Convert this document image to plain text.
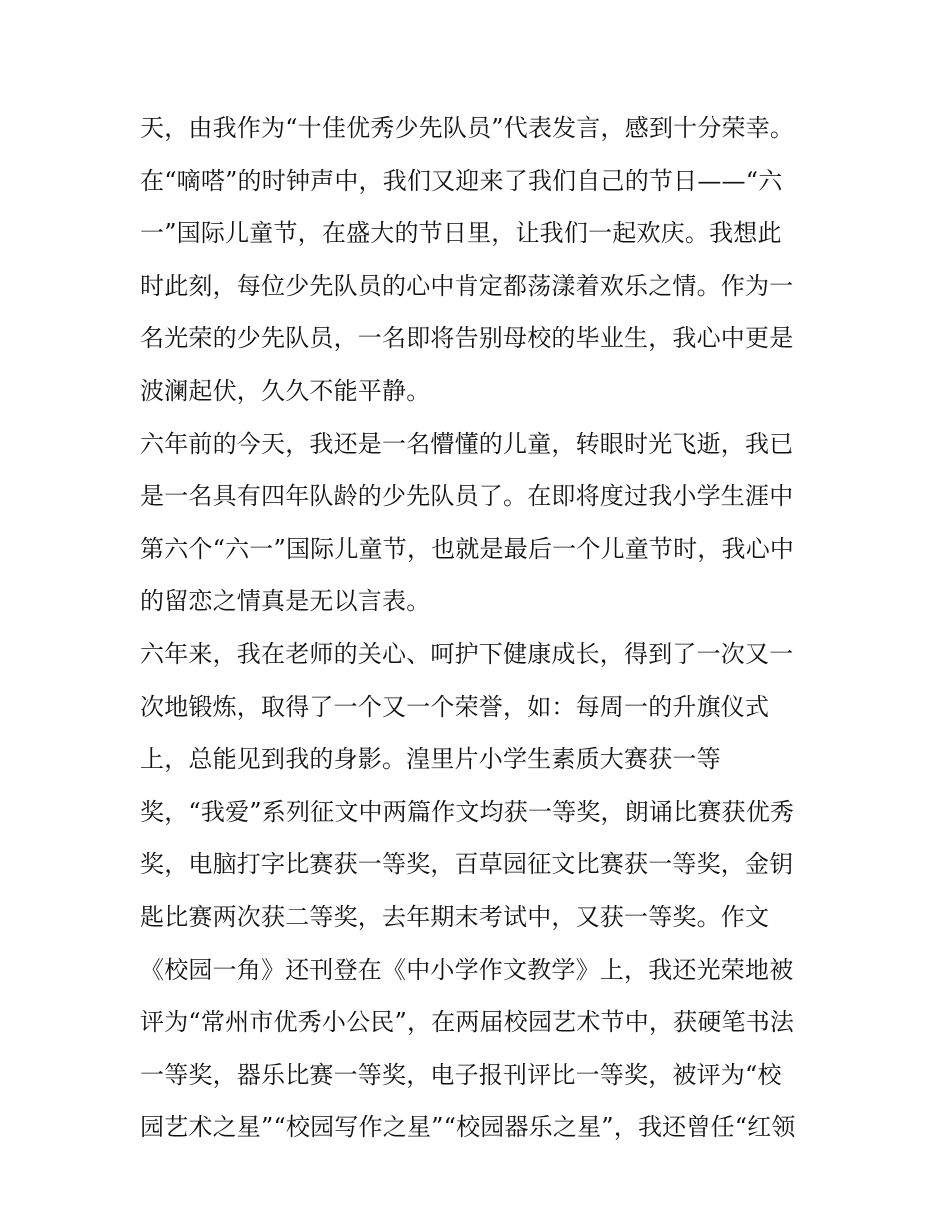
天，由我作为“十佳优秀少先队员”代表发言，感到十分荣幸。
在“嘀嗒”的时钟声中，我们又迎来了我们自己的节日——“六
一”国际儿童节，在盛大的节日里，让我们一起欢庆。我想此
时此刻，每位少先队员的心中肯定都荡漾着欢乐之情。作为一
名光荣的少先队员，一名即将告别母校的毕业生，我心中更是
波澜起伏，久久不能平静。
六年前的今天，我还是一名懵懂的儿童，转眼时光飞逝，我已
是一名具有四年队龄的少先队员了。在即将度过我小学生涯中
第六个“六一”国际儿童节，也就是最后一个儿童节时，我心中
的留恋之情真是无以言表。
六年来，我在老师的关心、呵护下健康成长，得到了一次又一
次地锻炼，取得了一个又一个荣誉，如：每周一的升旗仪式
上，总能见到我的身影。湟里片小学生素质大赛获一等
奖，“我爱”系列征文中两篇作文均获一等奖，朗诵比赛获优秀
奖，电脑打字比赛获一等奖，百草园征文比赛获一等奖，金钥
匙比赛两次获二等奖，去年期末考试中，又获一等奖。作文
《校园一角》还刊登在《中小学作文教学》上，我还光荣地被
评为“常州市优秀小公民”，在两届校园艺术节中，获硬笔书法
一等奖，器乐比赛一等奖，电子报刊评比一等奖，被评为“校
园艺术之星”“校园写作之星”“校园器乐之星”，我还曾任“红领
